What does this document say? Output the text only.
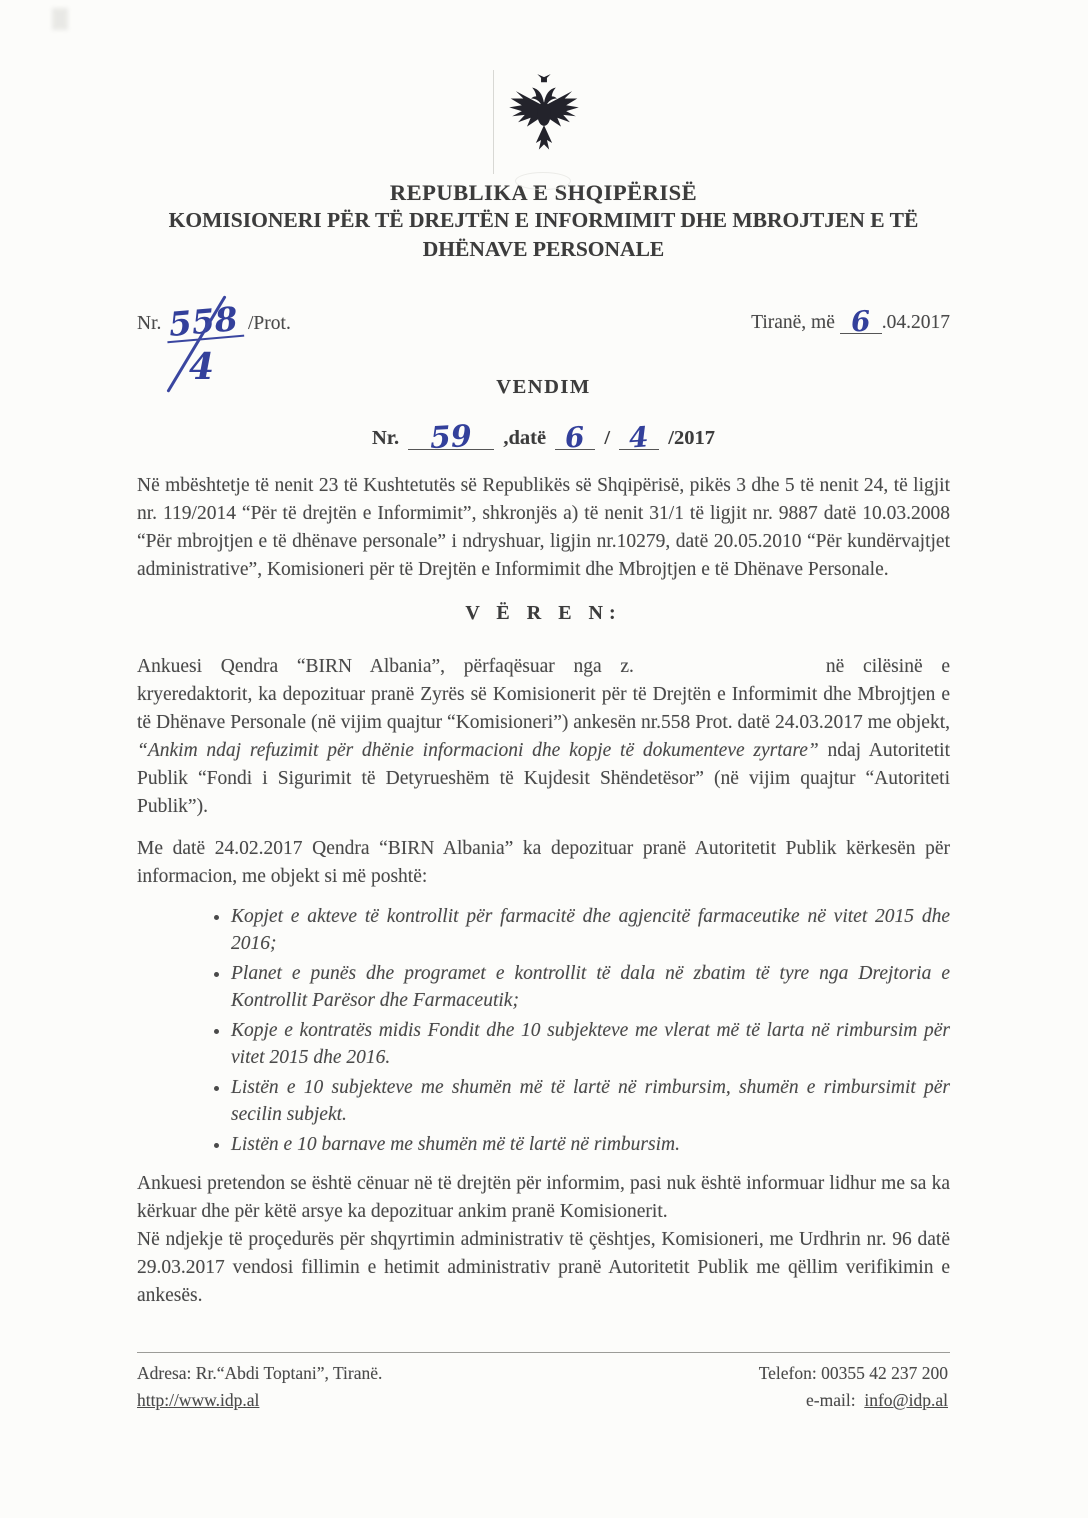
REPUBLIKA E SHQIPËRISË
KOMISIONERI PËR TË DREJTËN E INFORMIMIT DHE MBROJTJEN E TË
DHËNAVE PERSONALE
Nr. 558 /Prot.
4
Tiranë, më 6 .04.2017
VENDIM
Nr. 59 ,datë 6 / 4 /2017

Në mbështetje të nenit 23 të Kushtetutës së Republikës së Shqipërisë, pikës 3 dhe 5 të nenit 24, të ligjit nr. 119/2014 “Për të drejtën e Informimit”, shkronjës a) të nenit 31/1 të ligjit nr. 9887 datë 10.03.2008 “Për mbrojtjen e të dhënave personale” i ndryshuar, ligjin nr.10279, datë 20.05.2010 “Për kundërvajtjet administrative”, Komisioneri për të Drejtën e Informimit dhe Mbrojtjen e të Dhënave Personale.

V Ë R E N:

Ankuesi Qendra “BIRN Albania”, përfaqësuar nga z.	në cilësinë e kryeredaktorit, ka depozituar pranë Zyrës së Komisionerit për të Drejtën e Informimit dhe Mbrojtjen e të Dhënave Personale (në vijim quajtur “Komisioneri”) ankesën nr.558 Prot. datë 24.03.2017 me objekt, “Ankim ndaj refuzimit për dhënie informacioni dhe kopje të dokumenteve zyrtare” ndaj Autoritetit Publik “Fondi i Sigurimit të Detyrueshëm të Kujdesit Shëndetësor” (në vijim quajtur “Autoriteti Publik”).

Me datë 24.02.2017 Qendra “BIRN Albania” ka depozituar pranë Autoritetit Publik kërkesën për informacion, me objekt si më poshtë:

• Kopjet e akteve të kontrollit për farmacitë dhe agjencitë farmaceutike në vitet 2015 dhe 2016;
• Planet e punës dhe programet e kontrollit të dala në zbatim të tyre nga Drejtoria e Kontrollit Parësor dhe Farmaceutik;
• Kopje e kontratës midis Fondit dhe 10 subjekteve me vlerat më të larta në rimbursim për vitet 2015 dhe 2016.
• Listën e 10 subjekteve me shumën më të lartë në rimbursim, shumën e rimbursimit për secilin subjekt.
• Listën e 10 barnave me shumën më të lartë në rimbursim.

Ankuesi pretendon se është cënuar në të drejtën për informim, pasi nuk është informuar lidhur me sa ka kërkuar dhe për këtë arsye ka depozituar ankim pranë Komisionerit.

Në ndjekje të proçedurës për shqyrtimin administrativ të çështjes, Komisioneri, me Urdhrin nr. 96 datë 29.03.2017 vendosi fillimin e hetimit administrativ pranë Autoritetit Publik me qëllim verifikimin e ankesës.

Adresa: Rr.“Abdi Toptani”, Tiranë.
http://www.idp.al
Telefon: 00355 42 237 200
e-mail: info@idp.al
